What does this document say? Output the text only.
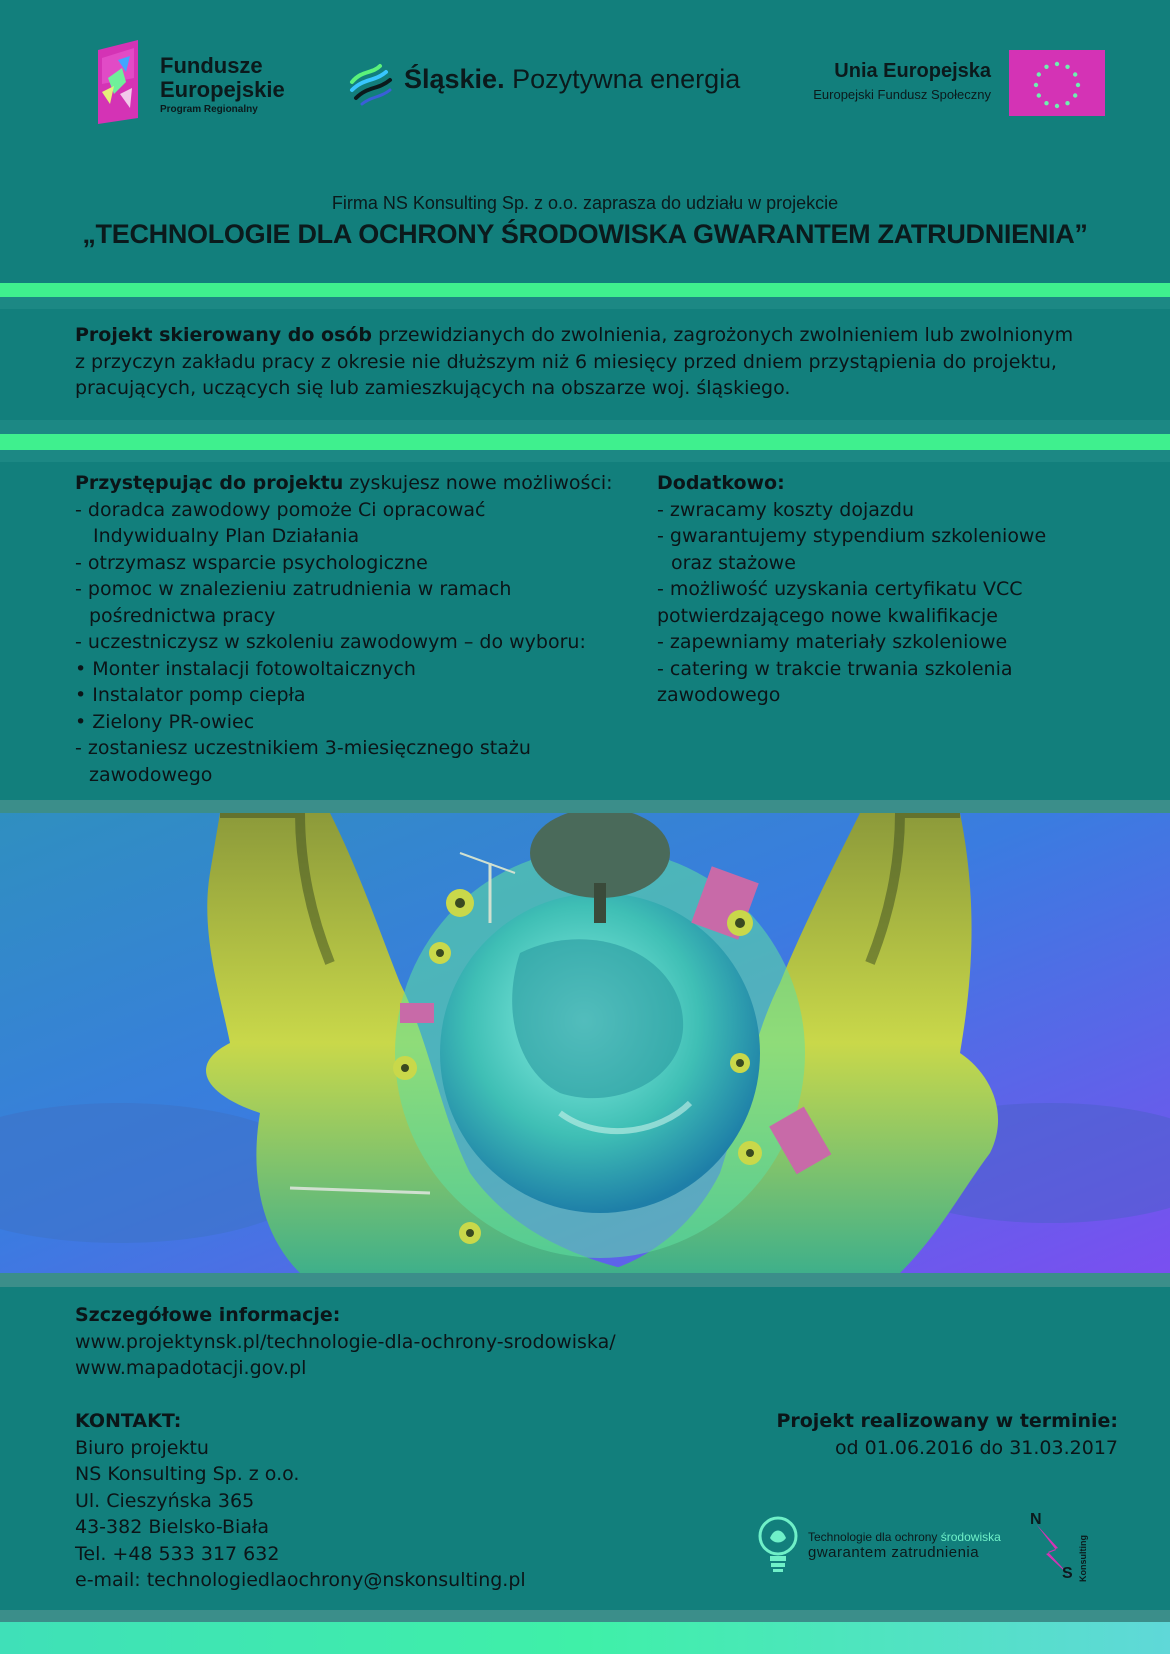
Fundusze
Europejskie
Program Regionalny
Śląskie. Pozytywna energia	Unia Europejska
Europejski Fundusz Społeczny
Firma NS Konsulting Sp. z o.o. zaprasza do udziału w projekcie
„TECHNOLOGIE DLA OCHRONY ŚRODOWISKA GWARANTEM ZATRUDNIENIA”
Projekt skierowany do osób przewidzianych do zwolnienia, zagrożonych zwolnieniem lub zwolnionym
z przyczyn zakładu pracy z okresie nie dłuższym niż 6 miesięcy przed dniem przystąpienia do projektu,
pracujących, uczących się lub zamieszkujących na obszarze woj. śląskiego.
Przystępując do projektu zyskujesz nowe możliwości:
- doradca zawodowy pomoże Ci opracować
Indywidualny Plan Działania
- otrzymasz wsparcie psychologiczne
- pomoc w znalezieniu zatrudnienia w ramach
pośrednictwa pracy
- uczestniczysz w szkoleniu zawodowym – do wyboru:
• Monter instalacji fotowoltaicznych
• Instalator pomp ciepła
• Zielony PR-owiec
- zostaniesz uczestnikiem 3-miesięcznego stażu
zawodowego
Dodatkowo:
- zwracamy koszty dojazdu
- gwarantujemy stypendium szkoleniowe
oraz stażowe
- możliwość uzyskania certyfikatu VCC
potwierdzającego nowe kwalifikacje
- zapewniamy materiały szkoleniowe
- catering w trakcie trwania szkolenia
zawodowego
Szczegółowe informacje:
www.projektynsk.pl/technologie-dla-ochrony-srodowiska/
www.mapadotacji.gov.pl
KONTAKT:
Biuro projektu
NS Konsulting Sp. z o.o.
Ul. Cieszyńska 365
43-382 Bielsko-Biała
Tel. +48 533 317 632
e-mail: technologiedlaochrony@nskonsulting.pl
Projekt realizowany w terminie:
od 01.06.2016 do 31.03.2017
Technologie dla ochrony środowiska
gwarantem zatrudnienia
N
S Konsulting
